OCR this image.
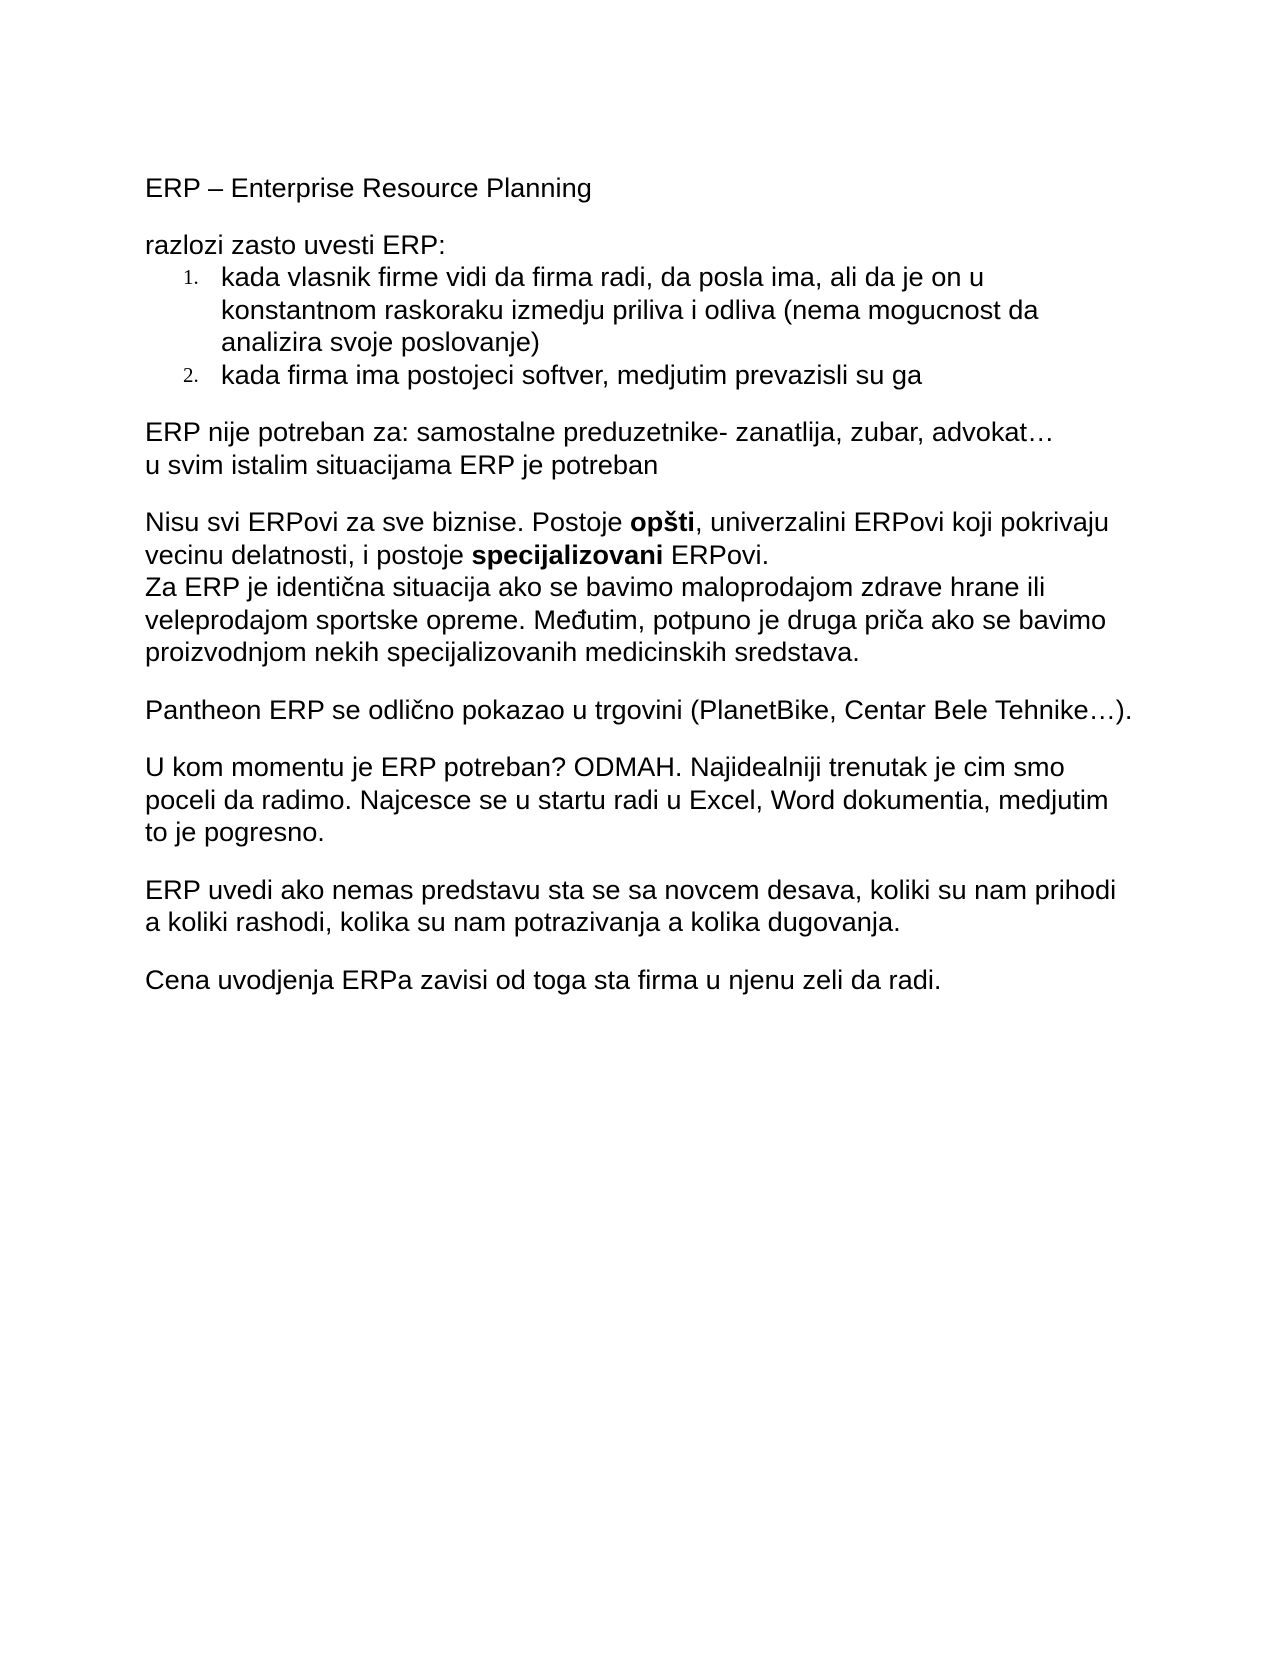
ERP – Enterprise Resource Planning

razlozi zasto uvesti ERP:

1. kada vlasnik firme vidi da firma radi, da posla ima, ali da je on u konstantnom raskoraku izmedju priliva i odliva (nema mogucnost da analizira svoje poslovanje)
2. kada firma ima postojeci softver, medjutim prevazisli su ga

ERP nije potreban za: samostalne preduzetnike- zanatlija, zubar, advokat…
u svim istalim situacijama ERP je potreban

Nisu svi ERPovi za sve biznise. Postoje opšti, univerzalini ERPovi koji pokrivaju vecinu delatnosti, i postoje specijalizovani ERPovi.
Za ERP je identična situacija ako se bavimo maloprodajom zdrave hrane ili veleprodajom sportske opreme. Međutim, potpuno je druga priča ako se bavimo proizvodnjom nekih specijalizovanih medicinskih sredstava.

Pantheon ERP se odlično pokazao u trgovini (PlanetBike, Centar Bele Tehnike…).

U kom momentu je ERP potreban? ODMAH. Najidealniji trenutak je cim smo poceli da radimo. Najcesce se u startu radi u Excel, Word dokumentia, medjutim to je pogresno.

ERP uvedi ako nemas predstavu sta se sa novcem desava, koliki su nam prihodi a koliki rashodi, kolika su nam potrazivanja a kolika dugovanja.

Cena uvodjenja ERPa zavisi od toga sta firma u njenu zeli da radi.
